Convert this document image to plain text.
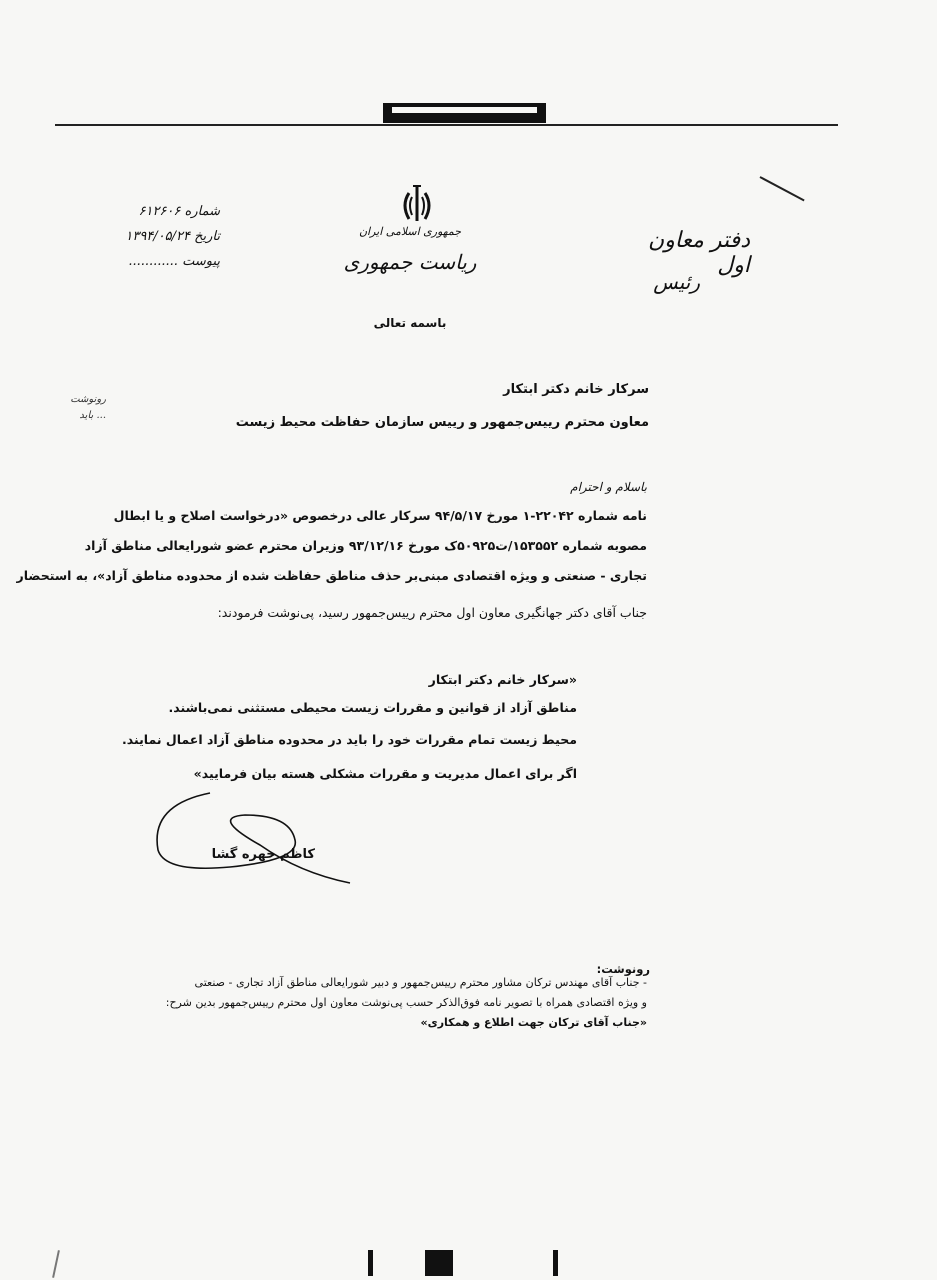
جمهوری اسلامی ایران
ریاست جمهوری
شماره ۶۱۲۶۰۶
تاریخ ۱۳۹۴/۰۵/۲۴
پیوست ............
دفتر معاون اول
رئیس
باسمه تعالی
رونوشت ... باید
سرکار خانم دکتر ابتکار
معاون محترم رییس‌جمهور و رییس سازمان حفاظت محیط زیست
باسلام و احترام
نامه شماره ۲۲۰۴۲-۱ مورخ ۹۴/۵/۱۷ سرکار عالی درخصوص «درخواست اصلاح و یا ابطال
مصوبه شماره ۱۵۳۵۵۲/ت۵۰۹۲۵ک مورخ ۹۳/۱۲/۱۶ وزیران محترم عضو شورایعالی مناطق آزاد
تجاری - صنعتی و ویژه اقتصادی مبنی‌بر حذف مناطق حفاظت شده از محدوده مناطق آزاد»، به استحضار
جناب آقای دکتر جهانگیری معاون اول محترم رییس‌جمهور رسید، پی‌نوشت فرمودند:
«سرکار خانم دکتر ابتکار
مناطق آزاد از قوانین و مقررات زیست محیطی مستثنی نمی‌باشند.
محیط زیست تمام مقررات خود را باید در محدوده مناطق آزاد اعمال نمایند.
اگر برای اعمال مدیریت و مقررات مشکلی هسته بیان فرمایید»
کاظم جهره گشا
رونوشت:
- جناب آقای مهندس ترکان مشاور محترم رییس‌جمهور و دبیر شورایعالی مناطق آزاد تجاری - صنعتی
و ویژه اقتصادی همراه با تصویر نامه فوق‌الذکر حسب پی‌نوشت معاون اول محترم رییس‌جمهور بدین شرح:
«جناب آقای ترکان جهت اطلاع و همکاری»
